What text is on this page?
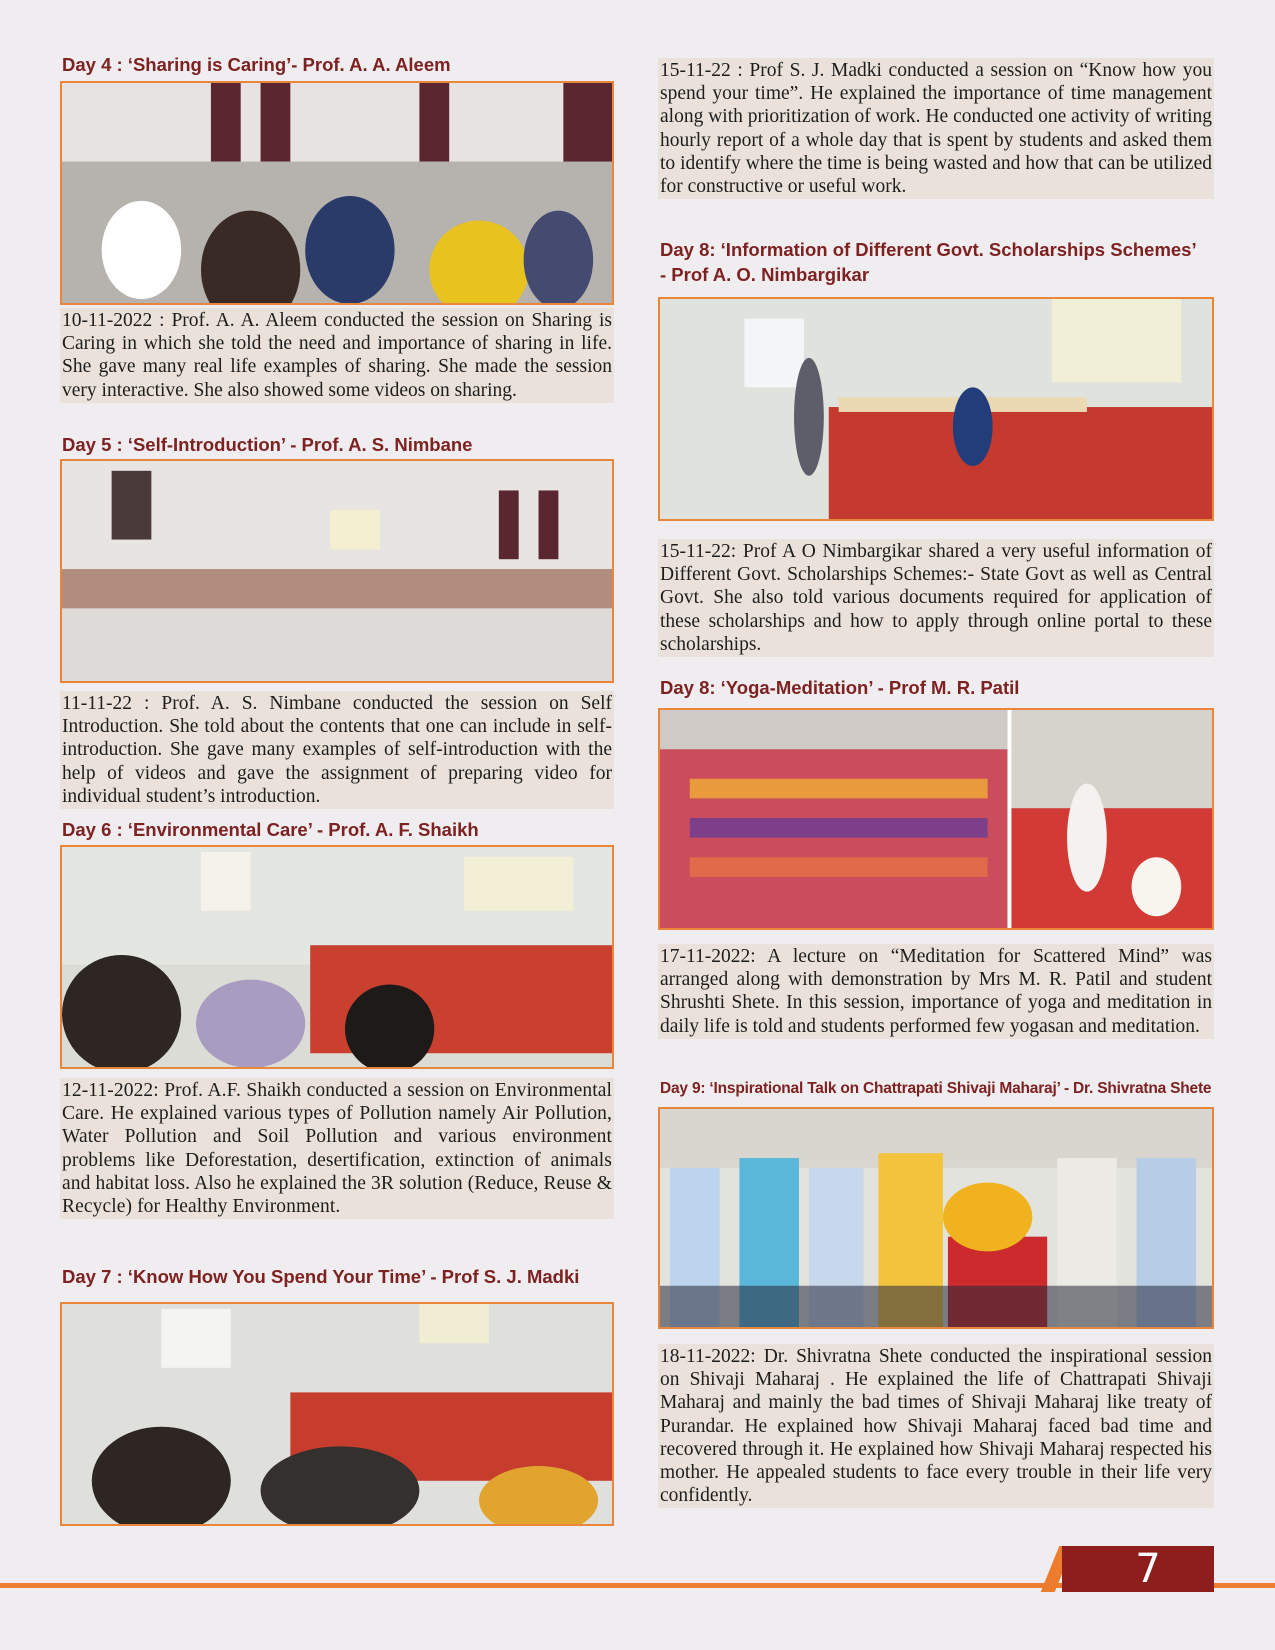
Day 4 : ‘Sharing is Caring’- Prof. A. A. Aleem

10-11-2022 : Prof. A. A. Aleem conducted the session on Sharing is Caring in which she told the need and importance of sharing in life. She gave many real life examples of sharing. She made the session very interactive. She also showed some videos on sharing.

Day 5 : ‘Self-Introduction’ - Prof. A. S. Nimbane

11-11-22 : Prof. A. S. Nimbane conducted the session on Self Introduction. She told about the contents that one can include in self-introduction. She gave many examples of self-introduction with the help of videos and gave the assignment of preparing video for individual student’s introduction.

Day 6 : ‘Environmental Care’ - Prof. A. F. Shaikh

12-11-2022: Prof. A.F. Shaikh conducted a session on Environmental Care. He explained various types of Pollution namely Air Pollution, Water Pollution and Soil Pollution and various environment problems like Deforestation, desertification, extinction of animals and habitat loss. Also he explained the 3R solution (Reduce, Reuse & Recycle) for Healthy Environment.

Day 7 : ‘Know How You Spend Your Time’ - Prof S. J. Madki

15-11-22 : Prof S. J. Madki conducted a session on “Know how you spend your time”. He explained the importance of time management along with prioritization of work. He conducted one activity of writing hourly report of a whole day that is spent by students and asked them to identify where the time is being wasted and how that can be utilized for constructive or useful work.

Day 8: ‘Information of Different Govt. Scholarships Schemes’
- Prof A. O. Nimbargikar

15-11-22: Prof A O Nimbargikar shared a very useful information of Different Govt. Scholarships Schemes:- State Govt as well as Central Govt. She also told various documents required for application of these scholarships and how to apply through online portal to these scholarships.

Day 8: ‘Yoga-Meditation’ - Prof M. R. Patil

17-11-2022: A lecture on “Meditation for Scattered Mind” was arranged along with demonstration by Mrs M. R. Patil and student Shrushti Shete. In this session, importance of yoga and meditation in daily life is told and students performed few yogasan and meditation.

Day 9: ‘Inspirational Talk on Chattrapati Shivaji Maharaj’ - Dr. Shivratna Shete

18-11-2022: Dr. Shivratna Shete conducted the inspirational session on Shivaji Maharaj . He explained the life of Chattrapati Shivaji Maharaj and mainly the bad times of Shivaji Maharaj like treaty of Purandar. He explained how Shivaji Maharaj faced bad time and recovered through it. He explained how Shivaji Maharaj respected his mother. He appealed students to face every trouble in their life very confidently.

7
